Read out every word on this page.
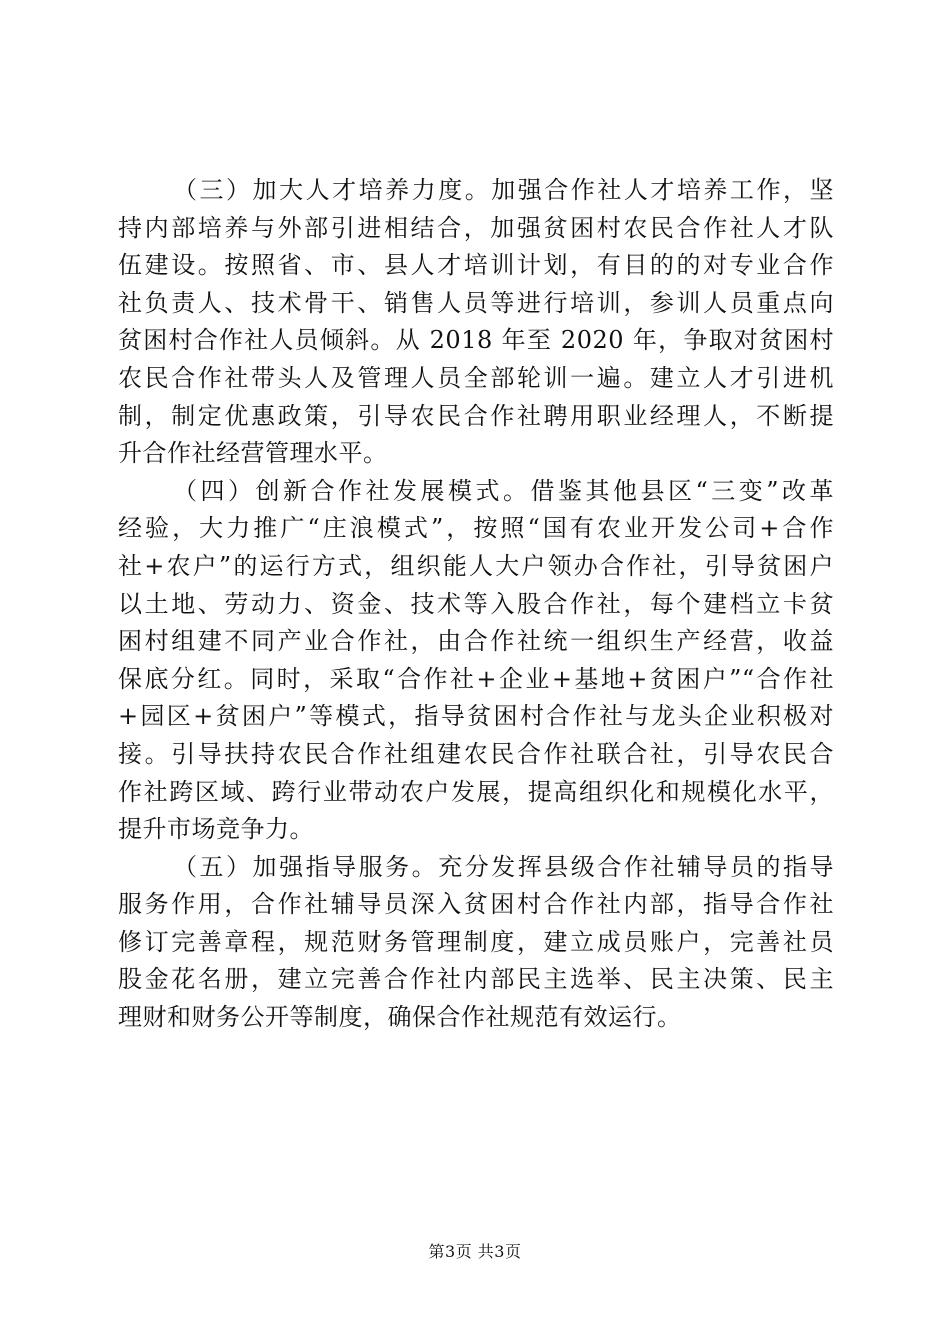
（三）加大人才培养力度。加强合作社人才培养工作，坚
持内部培养与外部引进相结合，加强贫困村农民合作社人才队
伍建设。按照省、市、县人才培训计划，有目的的对专业合作
社负责人、技术骨干、销售人员等进行培训，参训人员重点向
贫困村合作社人员倾斜。从 2018 年至 2020 年，争取对贫困村
农民合作社带头人及管理人员全部轮训一遍。建立人才引进机
制，制定优惠政策，引导农民合作社聘用职业经理人，不断提
升合作社经营管理水平。
（四）创新合作社发展模式。借鉴其他县区“三变”改革
经验，大力推广“庄浪模式”，按照“国有农业开发公司+合作
社+农户”的运行方式，组织能人大户领办合作社，引导贫困户
以土地、劳动力、资金、技术等入股合作社，每个建档立卡贫
困村组建不同产业合作社，由合作社统一组织生产经营，收益
保底分红。同时，采取“合作社+企业+基地+贫困户”“合作社
+园区+贫困户”等模式，指导贫困村合作社与龙头企业积极对
接。引导扶持农民合作社组建农民合作社联合社，引导农民合
作社跨区域、跨行业带动农户发展，提高组织化和规模化水平，
提升市场竞争力。
（五）加强指导服务。充分发挥县级合作社辅导员的指导
服务作用，合作社辅导员深入贫困村合作社内部，指导合作社
修订完善章程，规范财务管理制度，建立成员账户，完善社员
股金花名册，建立完善合作社内部民主选举、民主决策、民主
理财和财务公开等制度，确保合作社规范有效运行。
第3页 共3页
